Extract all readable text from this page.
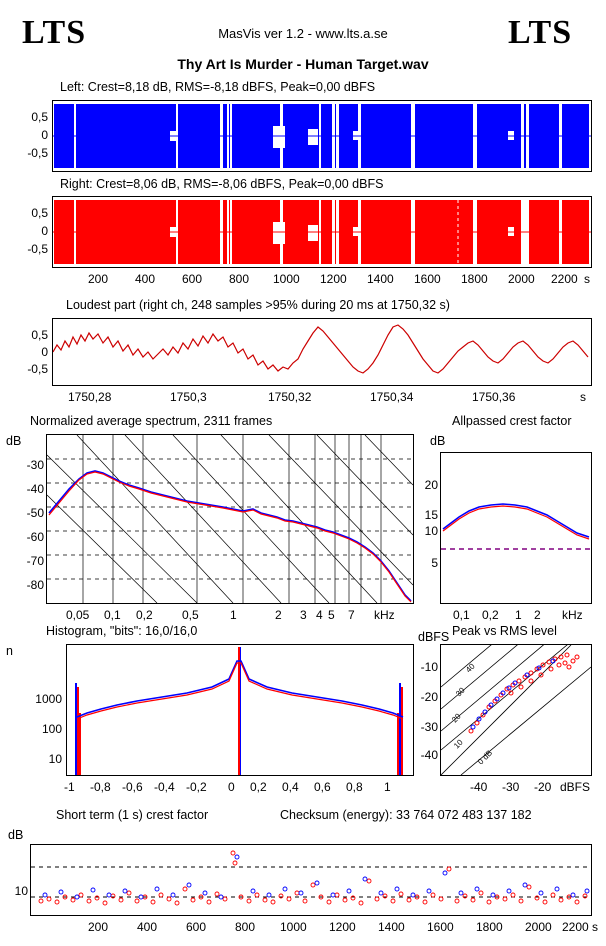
LTS	LTS
MasVis ver 1.2 - www.lts.a.se
Thy Art Is Murder - Human Target.wav
Left: Crest=8,18 dB, RMS=-8,18 dBFS, Peak=0,00 dBFS
0,5
0
-0,5
Right: Crest=8,06 dB, RMS=-8,06 dBFS, Peak=0,00 dBFS
0,5
0
-0,5
200 400 600 800 1000 1200 1400 1600 1800 2000 2200 s
Loudest part (right ch, 248 samples >95% during 20 ms at 1750,32 s)
0,5
0
-0,5
1750,28	1750,3	1750,32	1750,34	1750,36	s
Normalized average spectrum, 2311 frames
dB
-30
-40
-50
-60
-70
-80
0,05 0,1 0,2 0,5	1	2 3 4 5 7 kHz
Allpassed crest factor
dB
20
15
10
5
0,1 0,2 1 2 kHz
Histogram, "bits": 16,0/16,0
n
1000
100
10
-1 -0,8 -0,6 -0,4 -0,2 0 0,2 0,4 0,6 0,8 1
Peak vs RMS level
dBFS
40
30
20
10
0 dB
-10
-20
-30
-40
-40 -30 -20 dBFS
Short term (1 s) crest factor	Checksum (energy): 33 764 072 483 137 182
dB
10
200 400 600 800 1000 1200 1400 1600 1800 2000 2200 s
